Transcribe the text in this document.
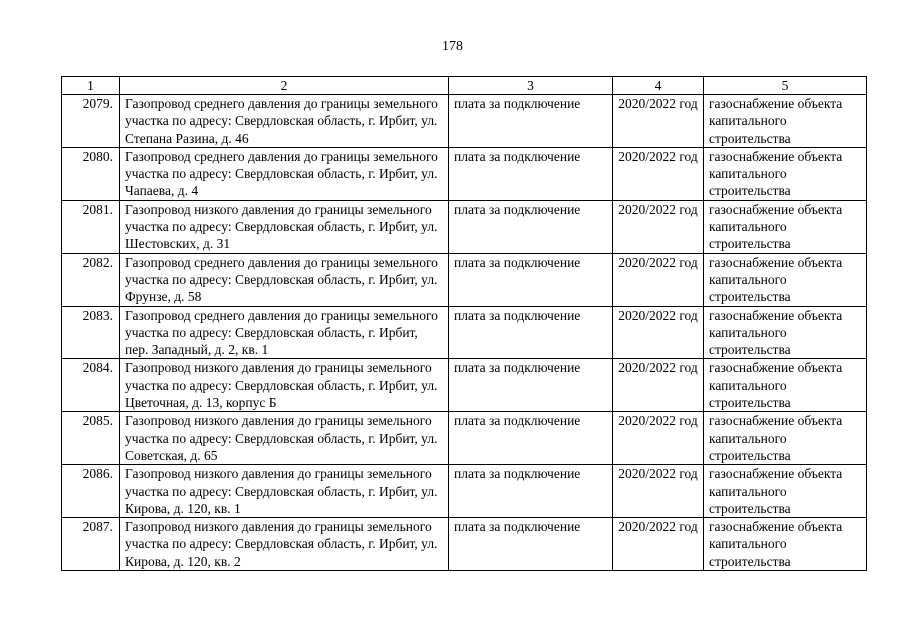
178
1	2	3	4	5
2079.	Газопровод среднего давления до границы земельного участка по адресу: Свердловская область, г. Ирбит, ул. Степана Разина, д. 46	плата за подключение	2020/2022 год	газоснабжение объекта капитального строительства
2080.	Газопровод среднего давления до границы земельного участка по адресу: Свердловская область, г. Ирбит, ул. Чапаева, д. 4	плата за подключение	2020/2022 год	газоснабжение объекта капитального строительства
2081.	Газопровод низкого давления до границы земельного участка по адресу: Свердловская область, г. Ирбит, ул. Шестовских, д. 31	плата за подключение	2020/2022 год	газоснабжение объекта капитального строительства
2082.	Газопровод среднего давления до границы земельного участка по адресу: Свердловская область, г. Ирбит, ул. Фрунзе, д. 58	плата за подключение	2020/2022 год	газоснабжение объекта капитального строительства
2083.	Газопровод среднего давления до границы земельного участка по адресу: Свердловская область, г. Ирбит, пер. Западный, д. 2, кв. 1	плата за подключение	2020/2022 год	газоснабжение объекта капитального строительства
2084.	Газопровод низкого давления до границы земельного участка по адресу: Свердловская область, г. Ирбит, ул. Цветочная, д. 13, корпус Б	плата за подключение	2020/2022 год	газоснабжение объекта капитального строительства
2085.	Газопровод низкого давления до границы земельного участка по адресу: Свердловская область, г. Ирбит, ул. Советская, д. 65	плата за подключение	2020/2022 год	газоснабжение объекта капитального строительства
2086.	Газопровод низкого давления до границы земельного участка по адресу: Свердловская область, г. Ирбит, ул. Кирова, д. 120, кв. 1	плата за подключение	2020/2022 год	газоснабжение объекта капитального строительства
2087.	Газопровод низкого давления до границы земельного участка по адресу: Свердловская область, г. Ирбит, ул. Кирова, д. 120, кв. 2	плата за подключение	2020/2022 год	газоснабжение объекта капитального строительства
